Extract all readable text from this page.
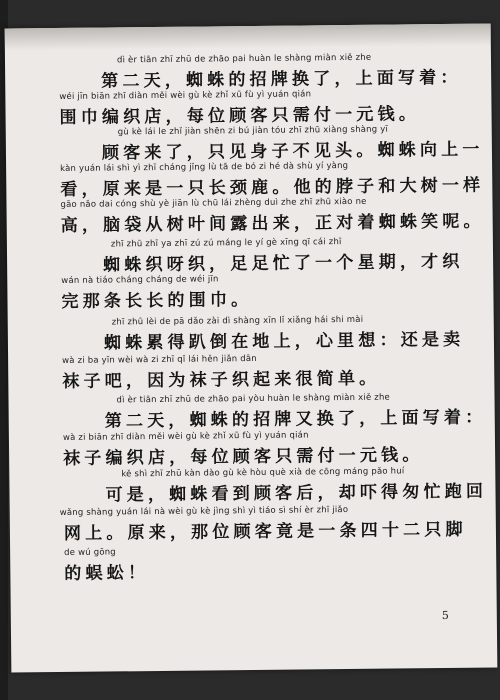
dì èr tiān zhī zhū de zhāo pai huàn le shàng miàn xiě zhe
第二天，蜘蛛的招牌换了，上面写着：
wéi jīn biān zhī diàn měi wèi gù kè zhǐ xū fù yì yuán qián
围巾编织店，每位顾客只需付一元钱。
gù kè lái le zhǐ jiàn shēn zi bú jiàn tóu zhī zhū xiàng shàng yī
顾客来了，只见身子不见头。蜘蛛向上一
kàn yuán lái shì yì zhī cháng jǐng lù tā de bó zi hé dà shù yí yàng
看，原来是一只长颈鹿。他的脖子和大树一样
gāo nǎo dai cóng shù yè jiān lù chū lái zhèng duì zhe zhī zhū xiào ne
高，脑袋从树叶间露出来，正对着蜘蛛笑呢。
zhī zhū zhī ya zhī zú zú máng le yí gè xīng qī cái zhī
蜘蛛织呀织，足足忙了一个星期，才织
wán nà tiáo cháng cháng de wéi jīn
完那条长长的围巾。
zhī zhū lèi de pā dǎo zài dì shàng xīn lǐ xiǎng hái shi mài
蜘蛛累得趴倒在地上，心里想：还是卖
wà zi ba yīn wèi wà zi zhī qǐ lái hěn jiǎn dān
袜子吧，因为袜子织起来很简单。
dì èr tiān zhī zhū de zhāo pai yòu huàn le shàng miàn xiě zhe
第二天，蜘蛛的招牌又换了，上面写着：
wà zi biān zhī diàn měi wèi gù kè zhǐ xū fù yì yuán qián
袜子编织店，每位顾客只需付一元钱。
kě shì zhī zhū kàn dào gù kè hòu què xià de cōng máng pǎo huí
可是，蜘蛛看到顾客后，却吓得匆忙跑回
wǎng shàng yuán lái nà wèi gù kè jìng shì yì tiáo sì shí èr zhī jiǎo
网上。原来，那位顾客竟是一条四十二只脚
de wú gōng
的蜈蚣！
5
